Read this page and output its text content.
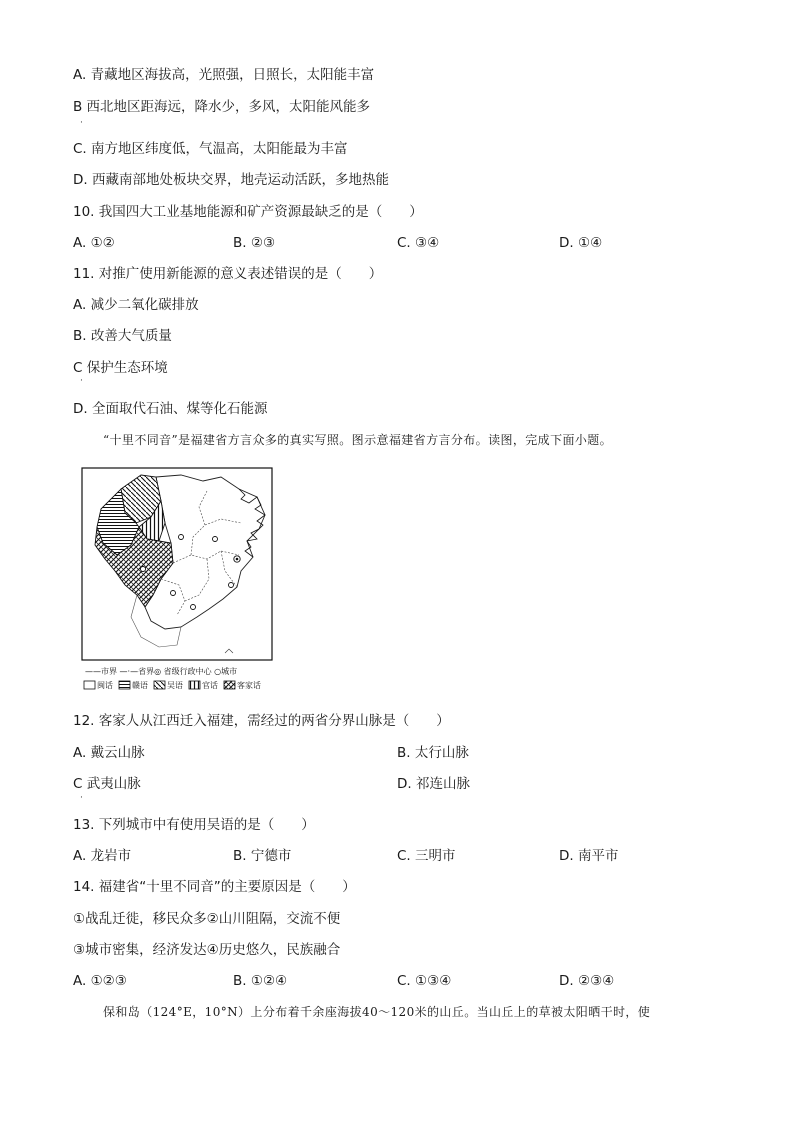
A. 青藏地区海拔高，光照强，日照长，太阳能丰富
B 西北地区距海远，降水少，多风，太阳能风能多
·
C. 南方地区纬度低，气温高，太阳能最为丰富
D. 西藏南部地处板块交界，地壳运动活跃，多地热能
10. 我国四大工业基地能源和矿产资源最缺乏的是（　　）
A. ①②	B. ②③	C. ③④	D. ①④
11. 对推广使用新能源的意义表述错误的是（　　）
A. 减少二氧化碳排放
B. 改善大气质量
C 保护生态环境
·
D. 全面取代石油、煤等化石能源
“十里不同音”是福建省方言众多的真实写照。图示意福建省方言分布。读图，完成下面小题。
——市界 —·—省界◎ 省级行政中心 ○城市
闽话 赣语 吴语 官话 客家话
12. 客家人从江西迁入福建，需经过的两省分界山脉是（　　）
A. 戴云山脉	B. 太行山脉
C 武夷山脉	D. 祁连山脉
·
13. 下列城市中有使用吴语的是（　　）
A. 龙岩市	B. 宁德市	C. 三明市	D. 南平市
14. 福建省“十里不同音”的主要原因是（　　）
①战乱迁徙，移民众多②山川阻隔，交流不便
③城市密集，经济发达④历史悠久，民族融合
A. ①②③	B. ①②④	C. ①③④	D. ②③④
保和岛（124°E，10°N）上分布着千余座海拔40～120米的山丘。当山丘上的草被太阳晒干时，使
